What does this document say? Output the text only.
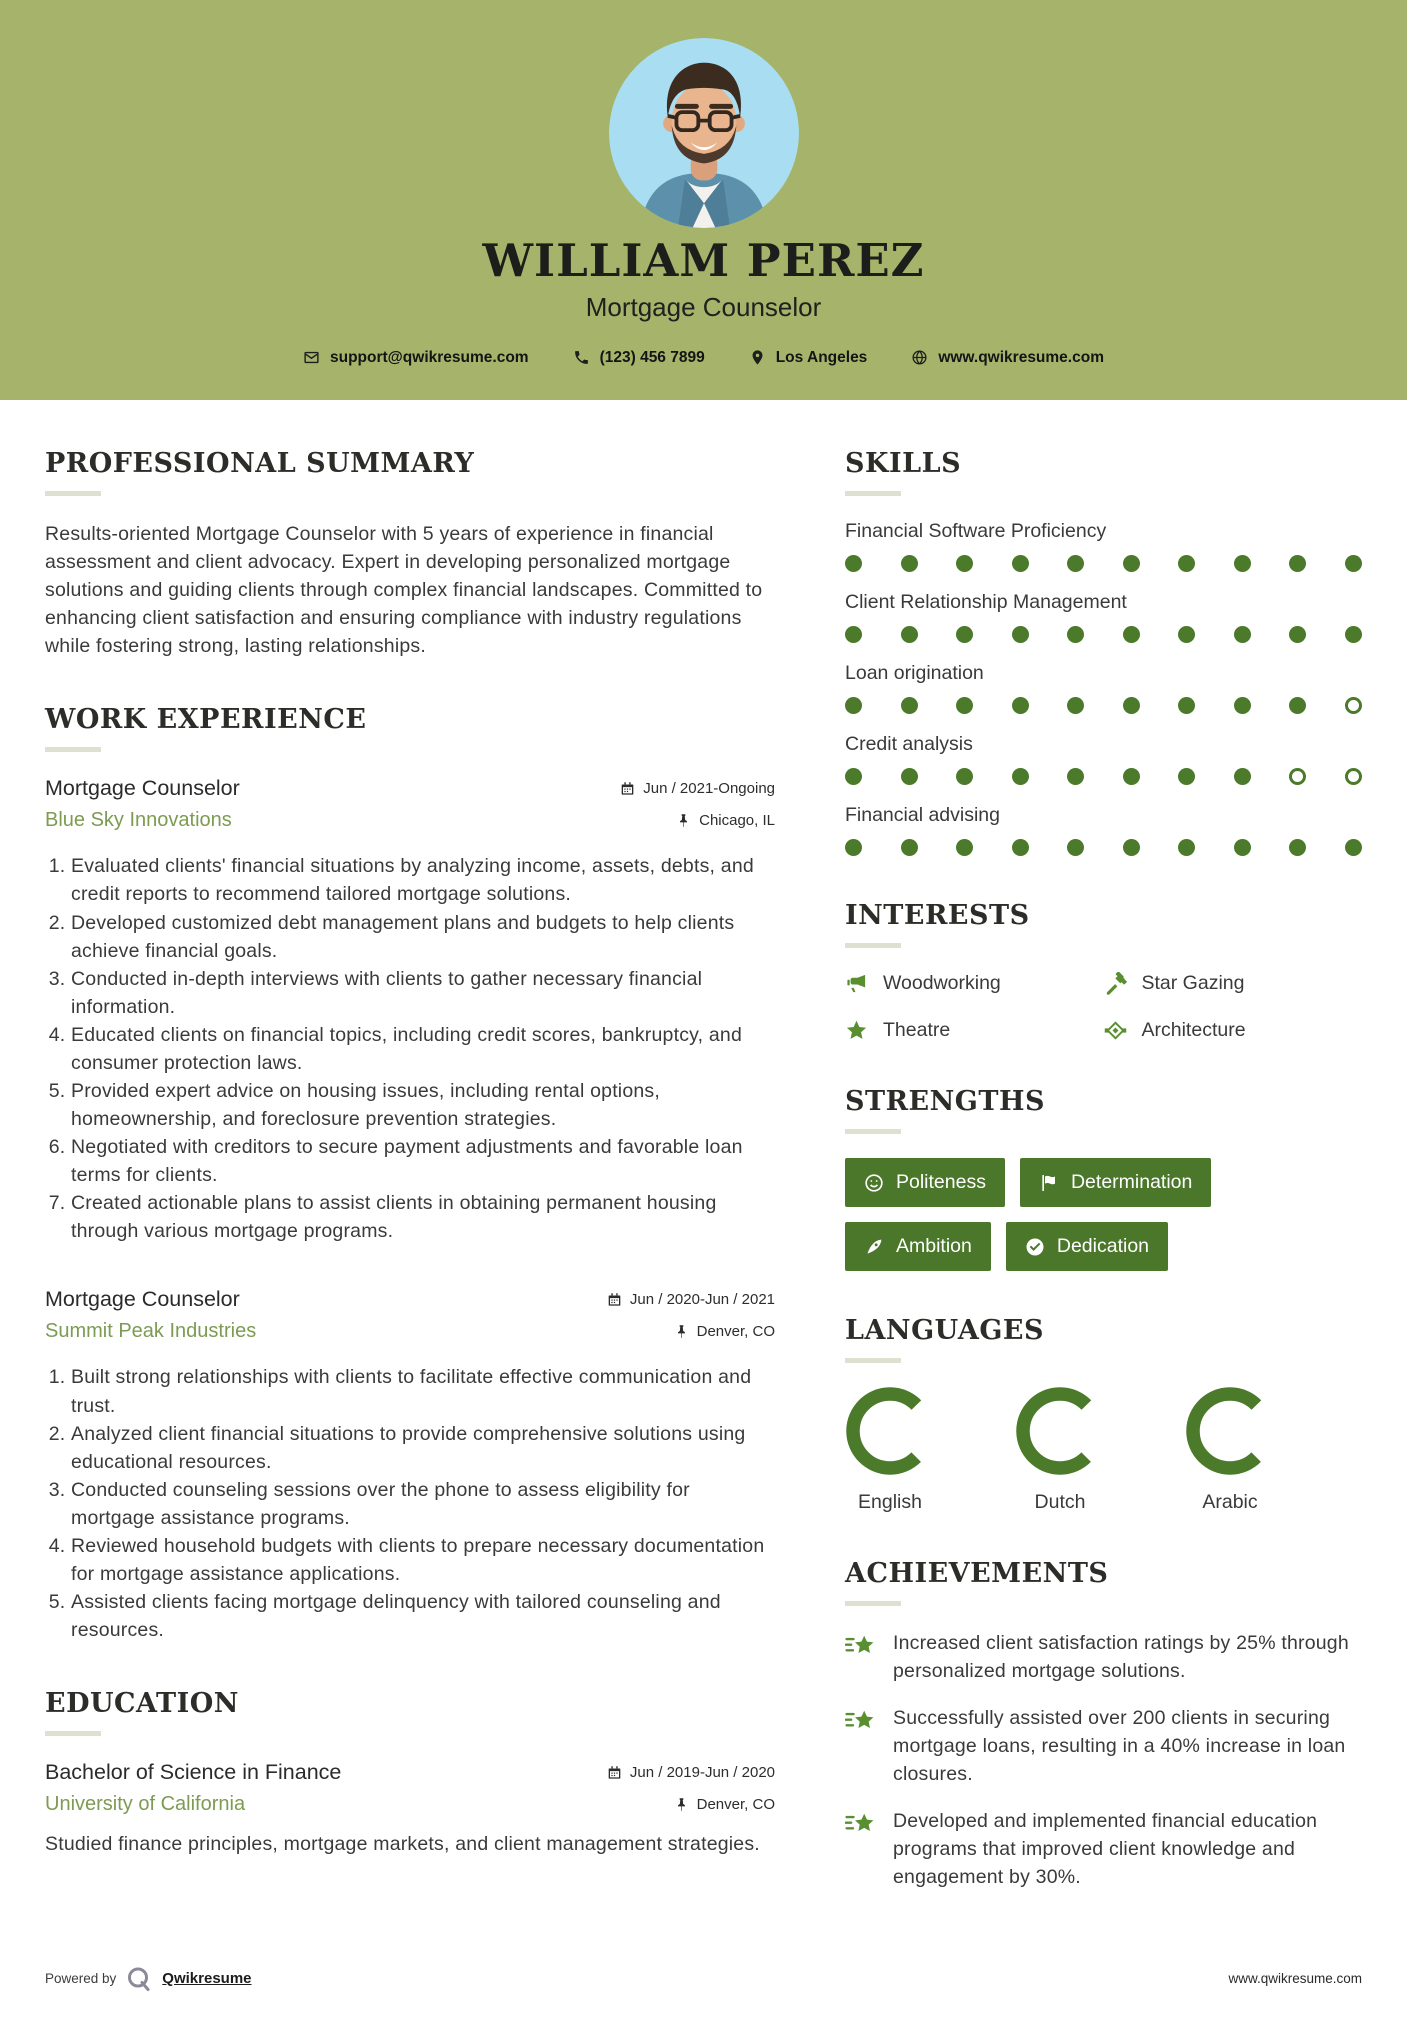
WILLIAM PEREZ
Mortgage Counselor
support@qwikresume.com	(123) 456 7899	Los Angeles	www.qwikresume.com
PROFESSIONAL SUMMARY

Results-oriented Mortgage Counselor with 5 years of experience in financial assessment and client advocacy. Expert in developing personalized mortgage solutions and guiding clients through complex financial landscapes. Committed to enhancing client satisfaction and ensuring compliance with industry regulations while fostering strong, lasting relationships.

WORK EXPERIENCE
Mortgage Counselor	Jun / 2021-Ongoing
Blue Sky Innovations	Chicago, IL
1. Evaluated clients' financial situations by analyzing income, assets, debts, and credit reports to recommend tailored mortgage solutions.
2. Developed customized debt management plans and budgets to help clients achieve financial goals.
3. Conducted in-depth interviews with clients to gather necessary financial information.
4. Educated clients on financial topics, including credit scores, bankruptcy, and consumer protection laws.
5. Provided expert advice on housing issues, including rental options, homeownership, and foreclosure prevention strategies.
6. Negotiated with creditors to secure payment adjustments and favorable loan terms for clients.
7. Created actionable plans to assist clients in obtaining permanent housing through various mortgage programs.
Mortgage Counselor	Jun / 2020-Jun / 2021
Summit Peak Industries	Denver, CO
1. Built strong relationships with clients to facilitate effective communication and trust.
2. Analyzed client financial situations to provide comprehensive solutions using educational resources.
3. Conducted counseling sessions over the phone to assess eligibility for mortgage assistance programs.
4. Reviewed household budgets with clients to prepare necessary documentation for mortgage assistance applications.
5. Assisted clients facing mortgage delinquency with tailored counseling and resources.
EDUCATION
Bachelor of Science in Finance	Jun / 2019-Jun / 2020
University of California	Denver, CO

Studied finance principles, mortgage markets, and client management strategies.

SKILLS
Financial Software Proficiency
Client Relationship Management
Loan origination
Credit analysis
Financial advising
INTERESTS
Woodworking	Star Gazing
Theatre	Architecture
STRENGTHS
Politeness	Determination
Ambition	Dedication
LANGUAGES
English	Dutch	Arabic
ACHIEVEMENTS
Increased client satisfaction ratings by 25% through personalized mortgage solutions.
Successfully assisted over 200 clients in securing mortgage loans, resulting in a 40% increase in loan closures.
Developed and implemented financial education programs that improved client knowledge and engagement by 30%.
Powered by	Qwikresume	www.qwikresume.com
